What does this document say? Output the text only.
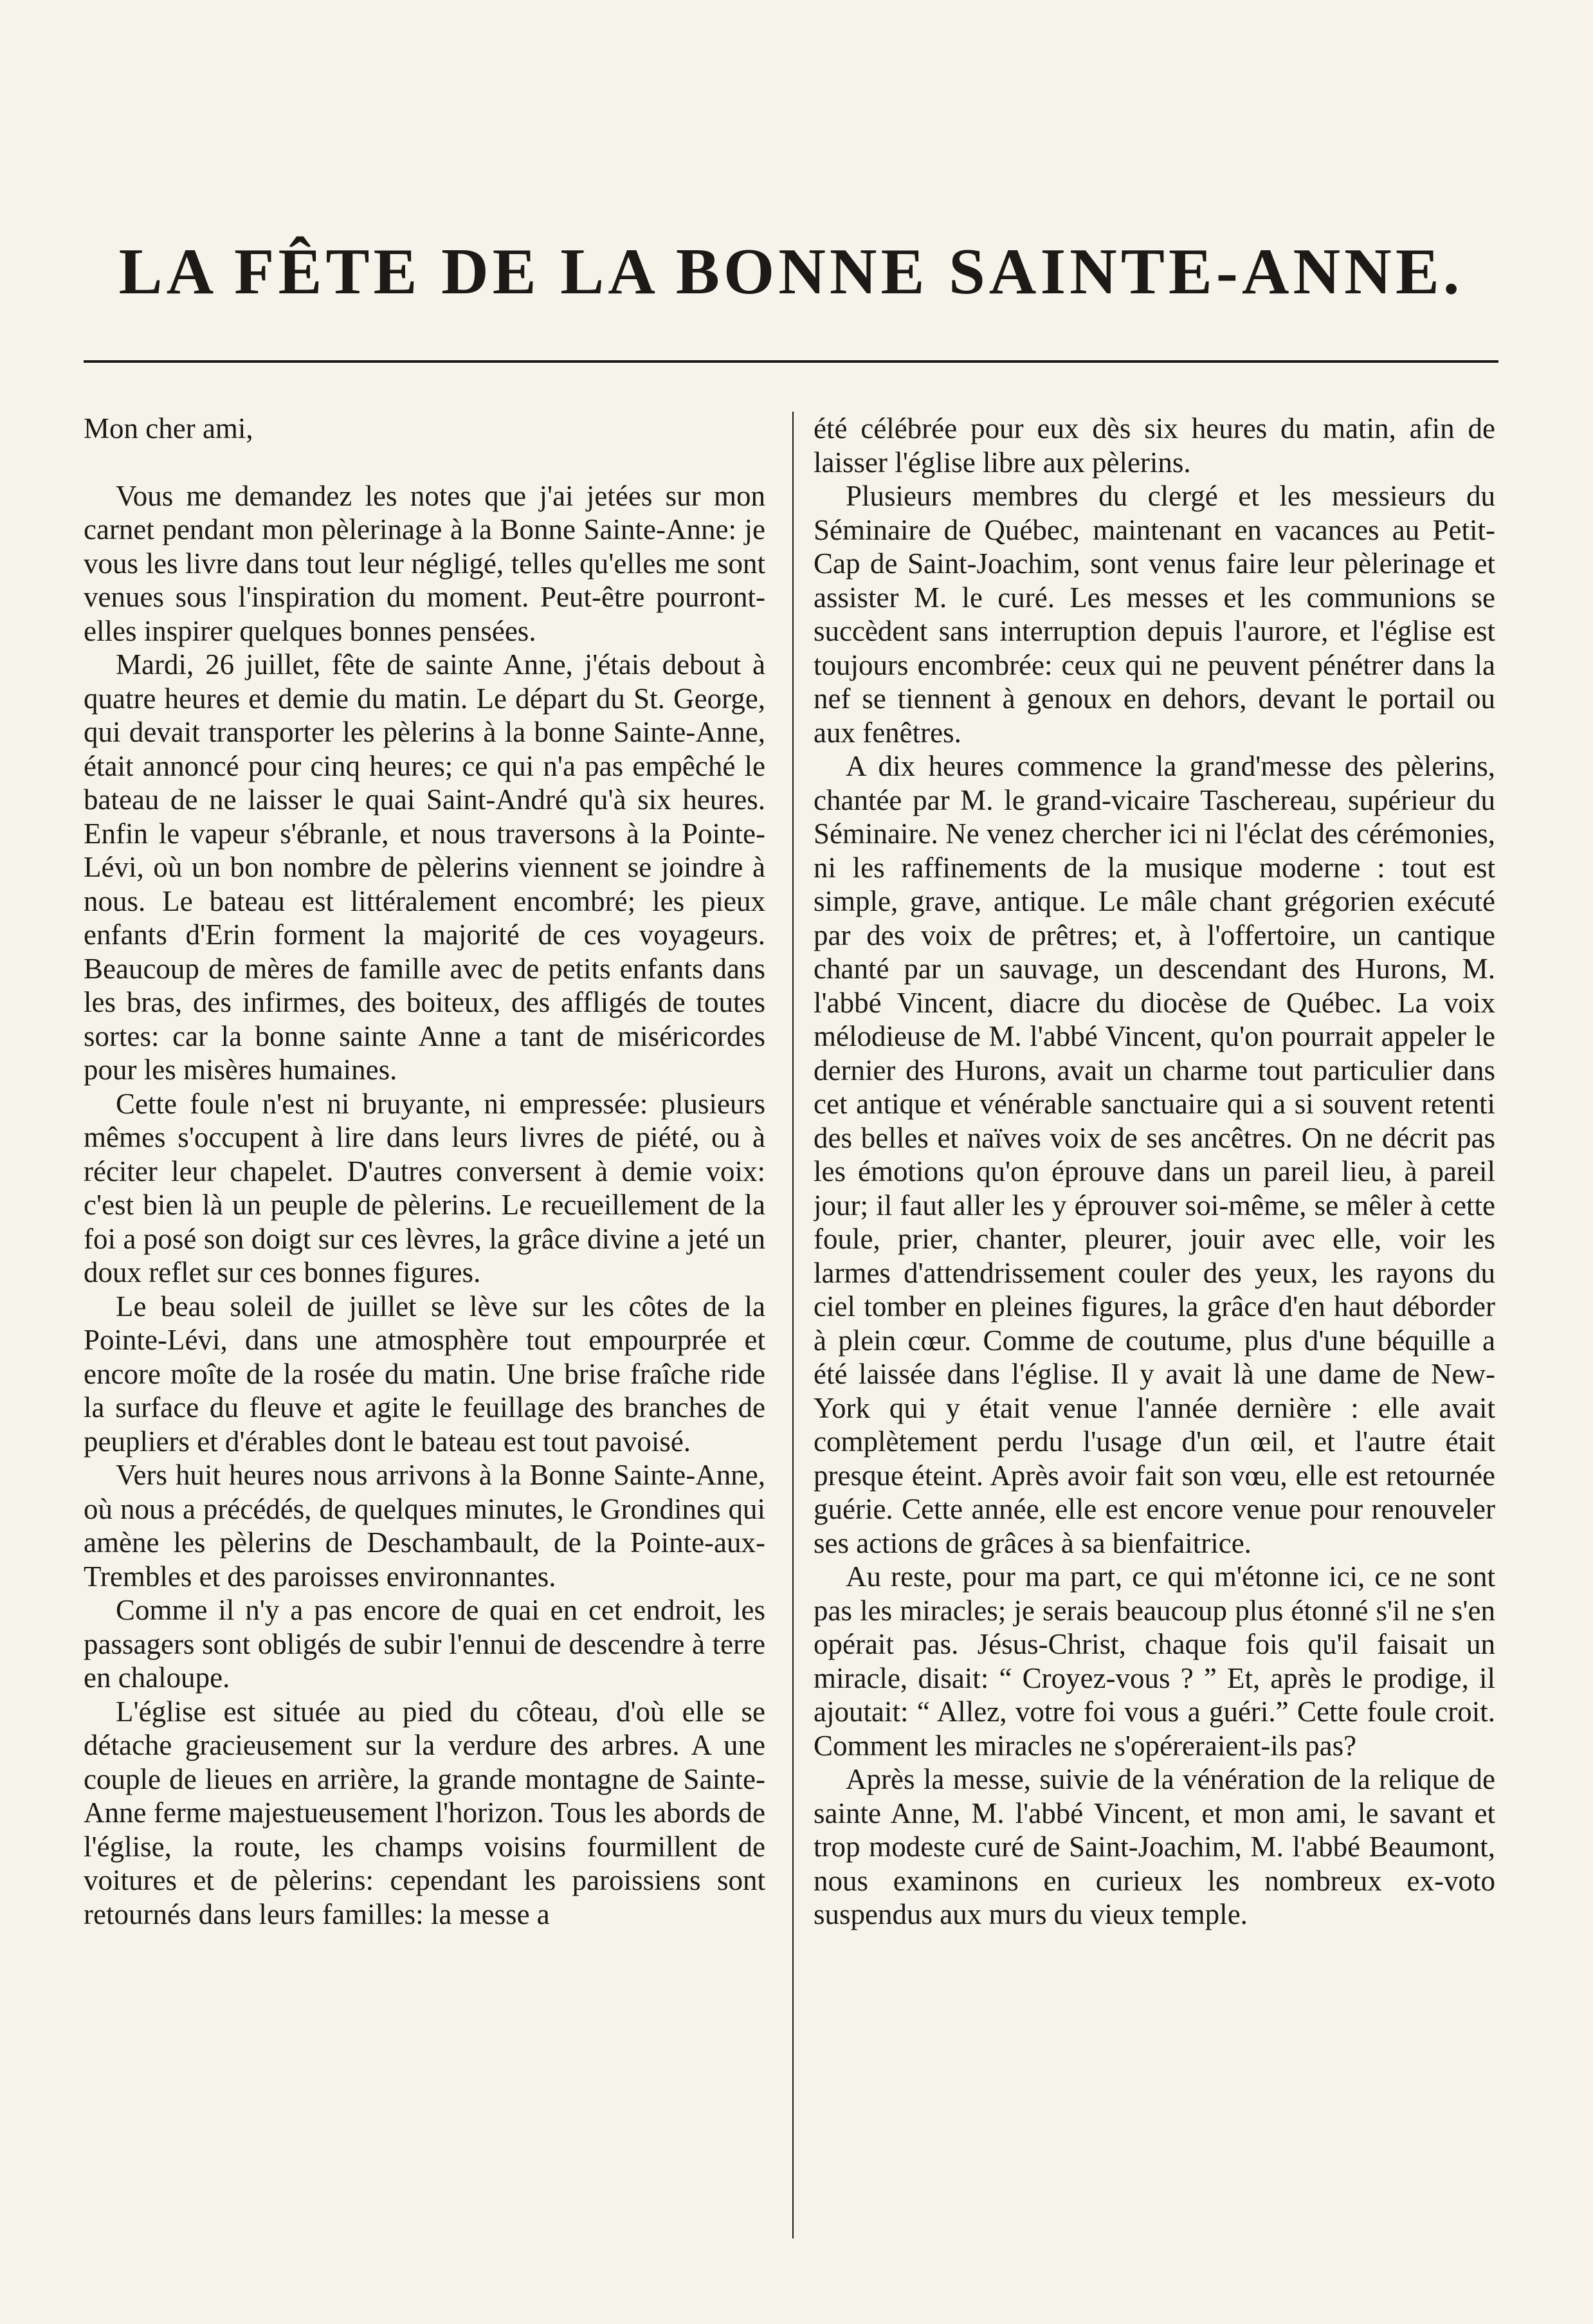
LA FÊTE DE LA BONNE SAINTE-ANNE.

Mon cher ami,

Vous me demandez les notes que j'ai jetées sur mon carnet pendant mon pèlerinage à la Bonne Sainte-Anne: je vous les livre dans tout leur négligé, telles qu'elles me sont venues sous l'inspiration du moment. Peut-être pourront-elles inspirer quelques bonnes pensées.

Mardi, 26 juillet, fête de sainte Anne, j'étais debout à quatre heures et demie du matin. Le départ du St. George, qui devait transporter les pèlerins à la bonne Sainte-Anne, était annoncé pour cinq heures; ce qui n'a pas empêché le bateau de ne laisser le quai Saint-André qu'à six heures. Enfin le vapeur s'ébranle, et nous traversons à la Pointe-Lévi, où un bon nombre de pèlerins viennent se joindre à nous. Le bateau est littéralement encombré; les pieux enfants d'Erin forment la majorité de ces voyageurs. Beaucoup de mères de famille avec de petits enfants dans les bras, des infirmes, des boiteux, des affligés de toutes sortes: car la bonne sainte Anne a tant de miséricordes pour les misères humaines.

Cette foule n'est ni bruyante, ni empressée: plusieurs mêmes s'occupent à lire dans leurs livres de piété, ou à réciter leur chapelet. D'autres conversent à demie voix: c'est bien là un peuple de pèlerins. Le recueillement de la foi a posé son doigt sur ces lèvres, la grâce divine a jeté un doux reflet sur ces bonnes figures.

Le beau soleil de juillet se lève sur les côtes de la Pointe-Lévi, dans une atmosphère tout empourprée et encore moîte de la rosée du matin. Une brise fraîche ride la surface du fleuve et agite le feuillage des branches de peupliers et d'érables dont le bateau est tout pavoisé.

Vers huit heures nous arrivons à la Bonne Sainte-Anne, où nous a précédés, de quelques minutes, le Grondines qui amène les pèlerins de Deschambault, de la Pointe-aux-Trembles et des paroisses environnantes.

Comme il n'y a pas encore de quai en cet endroit, les passagers sont obligés de subir l'ennui de descendre à terre en chaloupe.

L'église est située au pied du côteau, d'où elle se détache gracieusement sur la verdure des arbres. A une couple de lieues en arrière, la grande montagne de Sainte-Anne ferme majestueusement l'horizon. Tous les abords de l'église, la route, les champs voisins fourmillent de voitures et de pèlerins: cependant les paroissiens sont retournés dans leurs familles: la messe a

été célébrée pour eux dès six heures du matin, afin de laisser l'église libre aux pèlerins.

Plusieurs membres du clergé et les messieurs du Séminaire de Québec, maintenant en vacances au Petit-Cap de Saint-Joachim, sont venus faire leur pèlerinage et assister M. le curé. Les messes et les communions se succèdent sans interruption depuis l'aurore, et l'église est toujours encombrée: ceux qui ne peuvent pénétrer dans la nef se tiennent à genoux en dehors, devant le portail ou aux fenêtres.

A dix heures commence la grand'messe des pèlerins, chantée par M. le grand-vicaire Taschereau, supérieur du Séminaire. Ne venez chercher ici ni l'éclat des cérémonies, ni les raffinements de la musique moderne : tout est simple, grave, antique. Le mâle chant grégorien exécuté par des voix de prêtres; et, à l'offertoire, un cantique chanté par un sauvage, un descendant des Hurons, M. l'abbé Vincent, diacre du diocèse de Québec. La voix mélodieuse de M. l'abbé Vincent, qu'on pourrait appeler le dernier des Hurons, avait un charme tout particulier dans cet antique et vénérable sanctuaire qui a si souvent retenti des belles et naïves voix de ses ancêtres. On ne décrit pas les émotions qu'on éprouve dans un pareil lieu, à pareil jour; il faut aller les y éprouver soi-même, se mêler à cette foule, prier, chanter, pleurer, jouir avec elle, voir les larmes d'attendrissement couler des yeux, les rayons du ciel tomber en pleines figures, la grâce d'en haut déborder à plein cœur. Comme de coutume, plus d'une béquille a été laissée dans l'église. Il y avait là une dame de New-York qui y était venue l'année dernière : elle avait complètement perdu l'usage d'un œil, et l'autre était presque éteint. Après avoir fait son vœu, elle est retournée guérie. Cette année, elle est encore venue pour renouveler ses actions de grâces à sa bienfaitrice.

Au reste, pour ma part, ce qui m'étonne ici, ce ne sont pas les miracles; je serais beaucoup plus étonné s'il ne s'en opérait pas. Jésus-Christ, chaque fois qu'il faisait un miracle, disait: “ Croyez-vous ? ” Et, après le prodige, il ajoutait: “ Allez, votre foi vous a guéri.” Cette foule croit. Comment les miracles ne s'opéreraient-ils pas?

Après la messe, suivie de la vénération de la relique de sainte Anne, M. l'abbé Vincent, et mon ami, le savant et trop modeste curé de Saint-Joachim, M. l'abbé Beaumont, nous examinons en curieux les nombreux ex-voto suspendus aux murs du vieux temple.
